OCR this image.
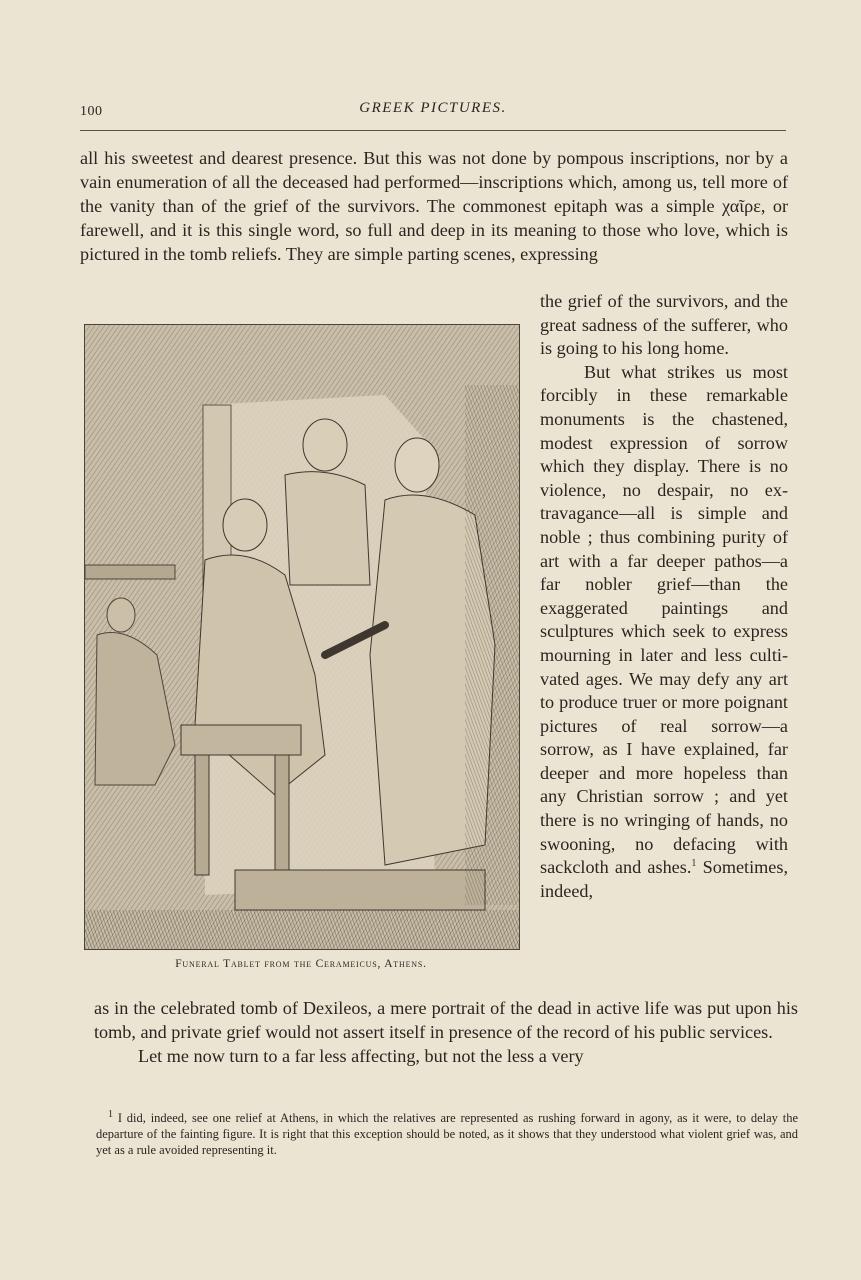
100	GREEK PICTURES.

all his sweetest and dearest presence. But this was not done by pompous inscriptions, nor by a vain enumeration of all the deceased had performed—inscriptions which, among us, tell more of the vanity than of the grief of the survivors. The commonest epitaph was a simple χαῖρε, or farewell, and it is this single word, so full and deep in its meaning to those who love, which is pictured in the tomb reliefs. They are simple parting scenes, expressing

Funeral Tablet from the Cerameicus, Athens.

the grief of the survivors, and the great sadness of the sufferer, who is going to his long home.

But what strikes us most forcibly in these remarkable monuments is the chastened, modest expression of sorrow which they display. There is no violence, no despair, no extravagance—all is simple and noble ; thus combining purity of art with a far deeper pathos—a far nobler grief—than the exaggerated paintings and sculptures which seek to express mourning in later and less cultivated ages. We may defy any art to produce truer or more poignant pictures of real sorrow—a sorrow, as I have explained, far deeper and more hopeless than any Christian sorrow ; and yet there is no wringing of hands, no swooning, no defacing with sackcloth and ashes.$^1$ Sometimes, indeed,

as in the celebrated tomb of Dexileos, a mere portrait of the dead in active life was put upon his tomb, and private grief would not assert itself in presence of the record of his public services.

Let me now turn to a far less affecting, but not the less a very

$^1$ I did, indeed, see one relief at Athens, in which the relatives are represented as rushing forward in agony, as it were, to delay the departure of the fainting figure. It is right that this exception should be noted, as it shows that they understood what violent grief was, and yet as a rule avoided representing it.
